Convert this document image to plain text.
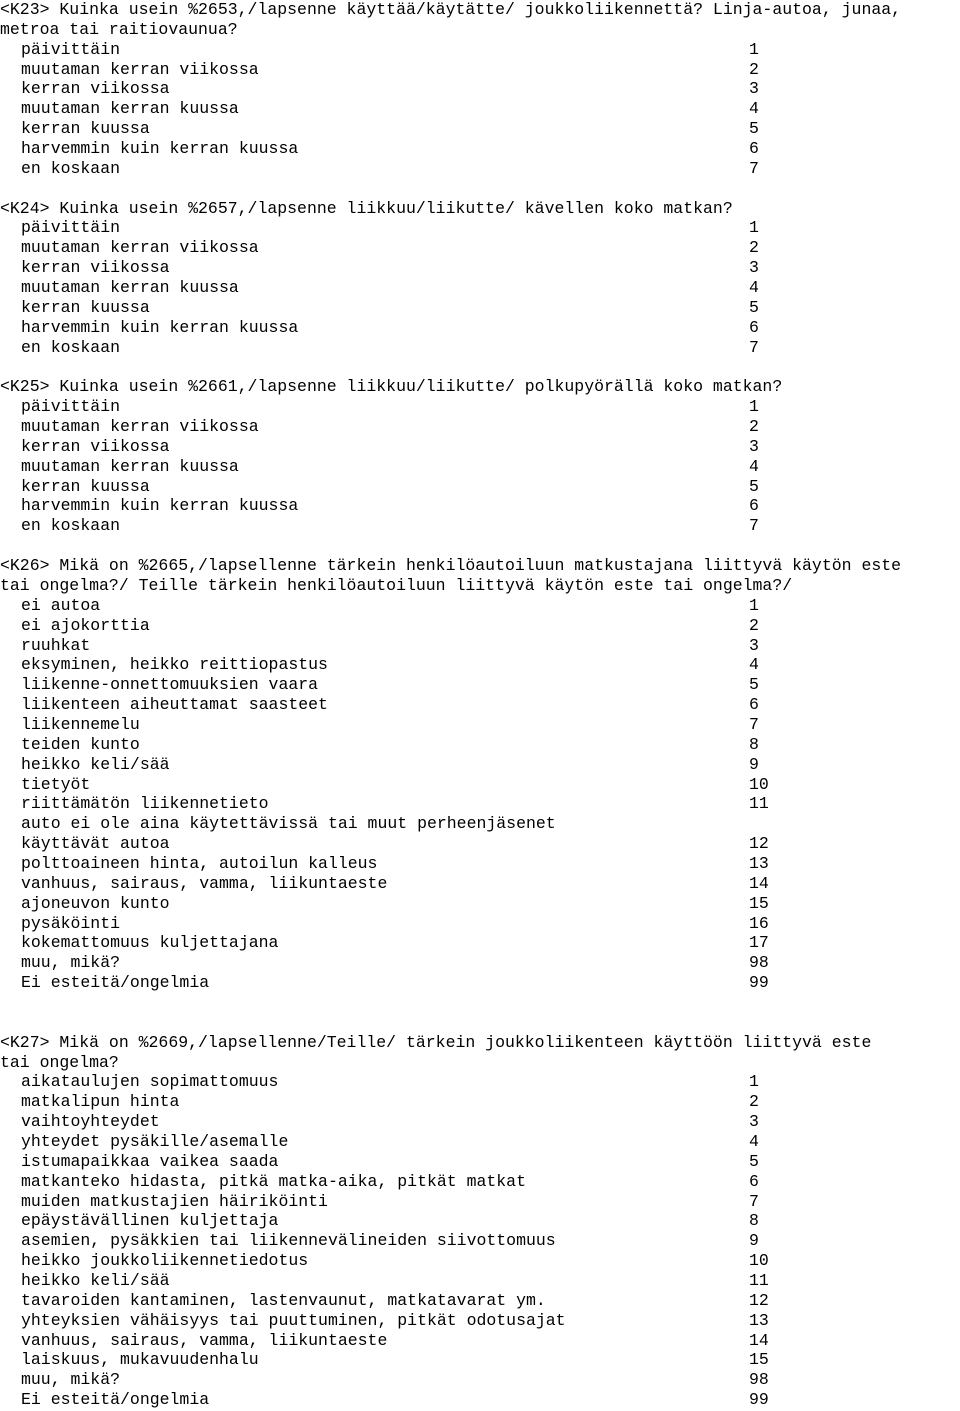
<K23> Kuinka usein %2653,/lapsenne käyttää/käytätte/ joukkoliikennettä? Linja-autoa, junaa,
metroa tai raitiovaunua?
päivittäin	1
muutaman kerran viikossa	2
kerran viikossa	3
muutaman kerran kuussa	4
kerran kuussa	5
harvemmin kuin kerran kuussa	6
en koskaan	7
<K24> Kuinka usein %2657,/lapsenne liikkuu/liikutte/ kävellen koko matkan?
päivittäin	1
muutaman kerran viikossa	2
kerran viikossa	3
muutaman kerran kuussa	4
kerran kuussa	5
harvemmin kuin kerran kuussa	6
en koskaan	7
<K25> Kuinka usein %2661,/lapsenne liikkuu/liikutte/ polkupyörällä koko matkan?
päivittäin	1
muutaman kerran viikossa	2
kerran viikossa	3
muutaman kerran kuussa	4
kerran kuussa	5
harvemmin kuin kerran kuussa	6
en koskaan	7
<K26> Mikä on %2665,/lapsellenne tärkein henkilöautoiluun matkustajana liittyvä käytön este
tai ongelma?/ Teille tärkein henkilöautoiluun liittyvä käytön este tai ongelma?/
ei autoa	1
ei ajokorttia	2
ruuhkat	3
eksyminen, heikko reittiopastus	4
liikenne-onnettomuuksien vaara	5
liikenteen aiheuttamat saasteet	6
liikennemelu	7
teiden kunto	8
heikko keli/sää	9
tietyöt	10
riittämätön liikennetieto	11
auto ei ole aina käytettävissä tai muut perheenjäsenet
käyttävät autoa	12
polttoaineen hinta, autoilun kalleus	13
vanhuus, sairaus, vamma, liikuntaeste	14
ajoneuvon kunto	15
pysäköinti	16
kokemattomuus kuljettajana	17
muu, mikä?	98
Ei esteitä/ongelmia	99
<K27> Mikä on %2669,/lapsellenne/Teille/ tärkein joukkoliikenteen käyttöön liittyvä este
tai ongelma?
aikataulujen sopimattomuus	1
matkalipun hinta	2
vaihtoyhteydet	3
yhteydet pysäkille/asemalle	4
istumapaikkaa vaikea saada	5
matkanteko hidasta, pitkä matka-aika, pitkät matkat	6
muiden matkustajien häiriköinti	7
epäystävällinen kuljettaja	8
asemien, pysäkkien tai liikennevälineiden siivottomuus	9
heikko joukkoliikennetiedotus	10
heikko keli/sää	11
tavaroiden kantaminen, lastenvaunut, matkatavarat ym.	12
yhteyksien vähäisyys tai puuttuminen, pitkät odotusajat	13
vanhuus, sairaus, vamma, liikuntaeste	14
laiskuus, mukavuudenhalu	15
muu, mikä?	98
Ei esteitä/ongelmia	99
